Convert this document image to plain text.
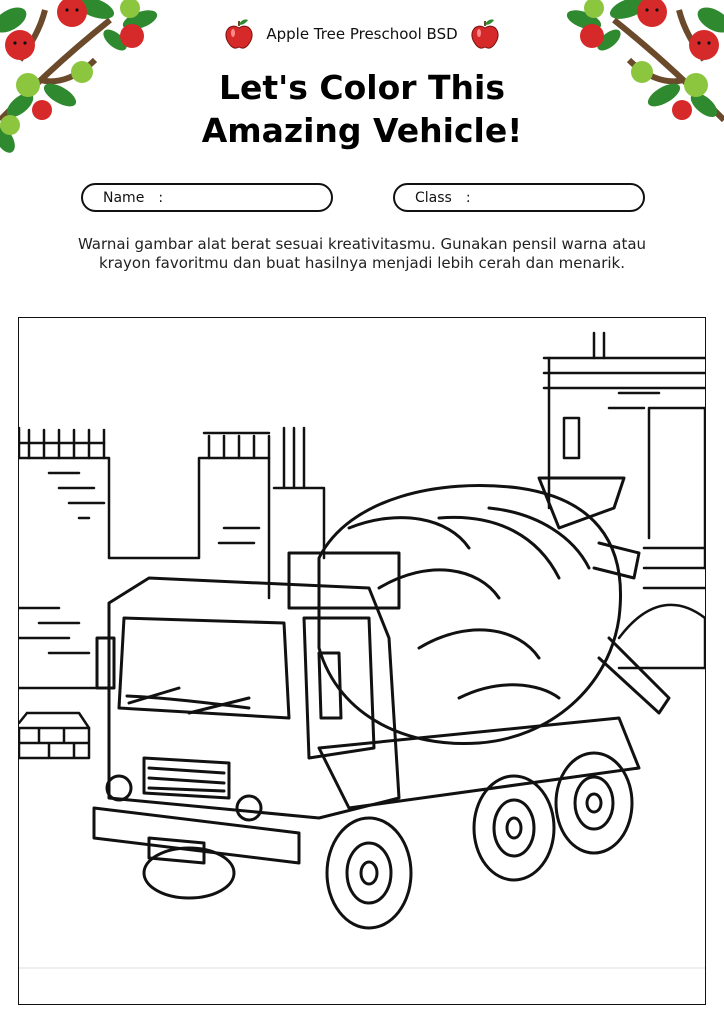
Apple Tree Preschool BSD
Let's Color This
Amazing Vehicle!
Name :	Class :

Warnai gambar alat berat sesuai kreativitasmu. Gunakan pensil warna atau
krayon favoritmu dan buat hasilnya menjadi lebih cerah dan menarik.
